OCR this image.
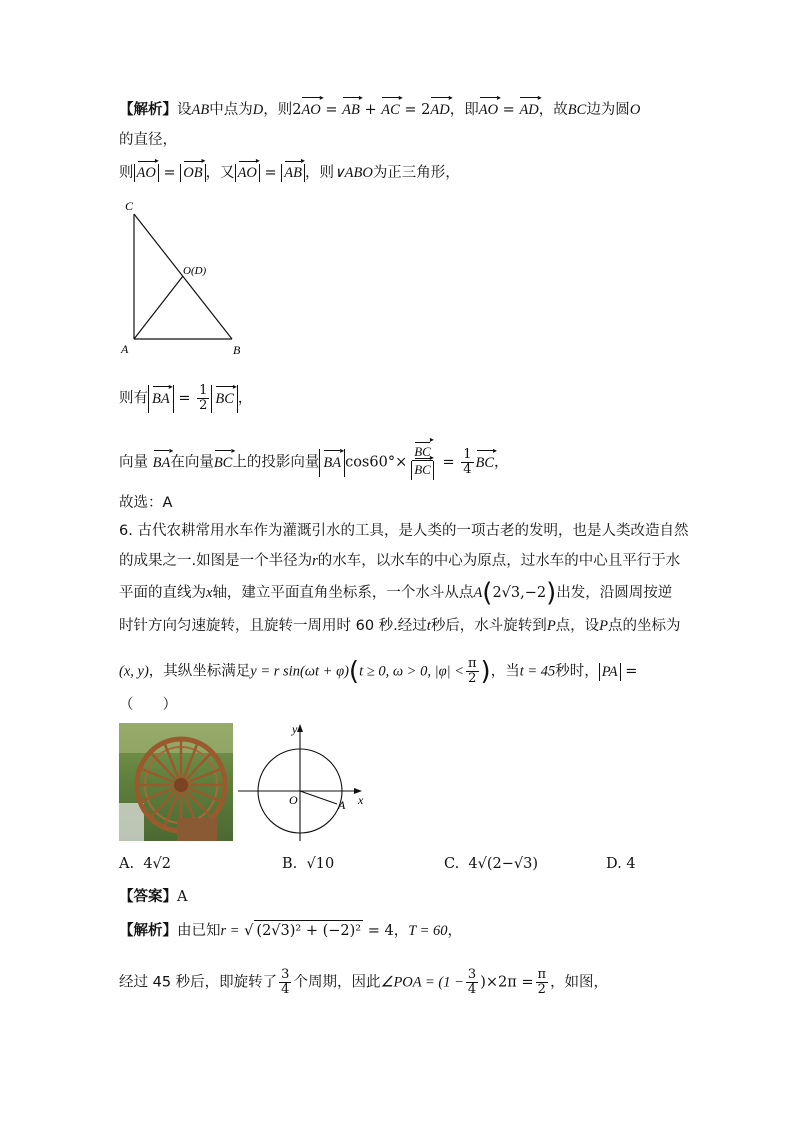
【解析】设AB中点为D，则2AO ▸ = AB ▸ + AC ▸ = 2AD ▸，即AO ▸ = AD ▸，故BC边为圆O
的直径，
则 AO ▸ = OB ▸ ，又 AO ▸ = AB ▸ ，则∨ABO为正三角形，
C
O(D)
A	B
则有 BA ▸ = $\frac{1}{2}$ BC ▸ ，
向量 BA ▸在向量BC ▸上的投影向量 BA ▸ $\cos 60^\circ\times \frac{BC ▸}{BC}$ ▸ = $\frac{1}{4}$ BC ▸，
故选：A
6. 古代农耕常用水车作为灌溉引水的工具，是人类的一项古老的发明，也是人类改造自然
的成果之一.如图是一个半径为r的水车，以水车的中心为原点，过水车的中心且平行于水
平面的直线为x轴，建立平面直角坐标系，一个水斗从点A(2√3,−2)出发，沿圆周按逆
时针方向匀速旋转，且旋转一周用时 60 秒.经过t秒后，水斗旋转到P点，设P点的坐标为
(x, y)，其纵坐标满足y = r sin(ωt + φ)(t ≥ 0, ω > 0, $|\varphi| < \frac{\pi}{2}$ )，当t = 45秒时， PA =
（　　）
y
O	A x
A. 4√2	B. √10	C. 4√(2−√3)	D. 4
【答案】A
【解析】由已知r = √ (2√3)² + (−2)² = 4，T = 60，
经过 45 秒后，即旋转了 $\frac{3}{4}$ 个周期，因此∠POA = $(1 - \frac{3}{4} )\times 2\pi = \frac{\pi}{2}$ ，如图，
